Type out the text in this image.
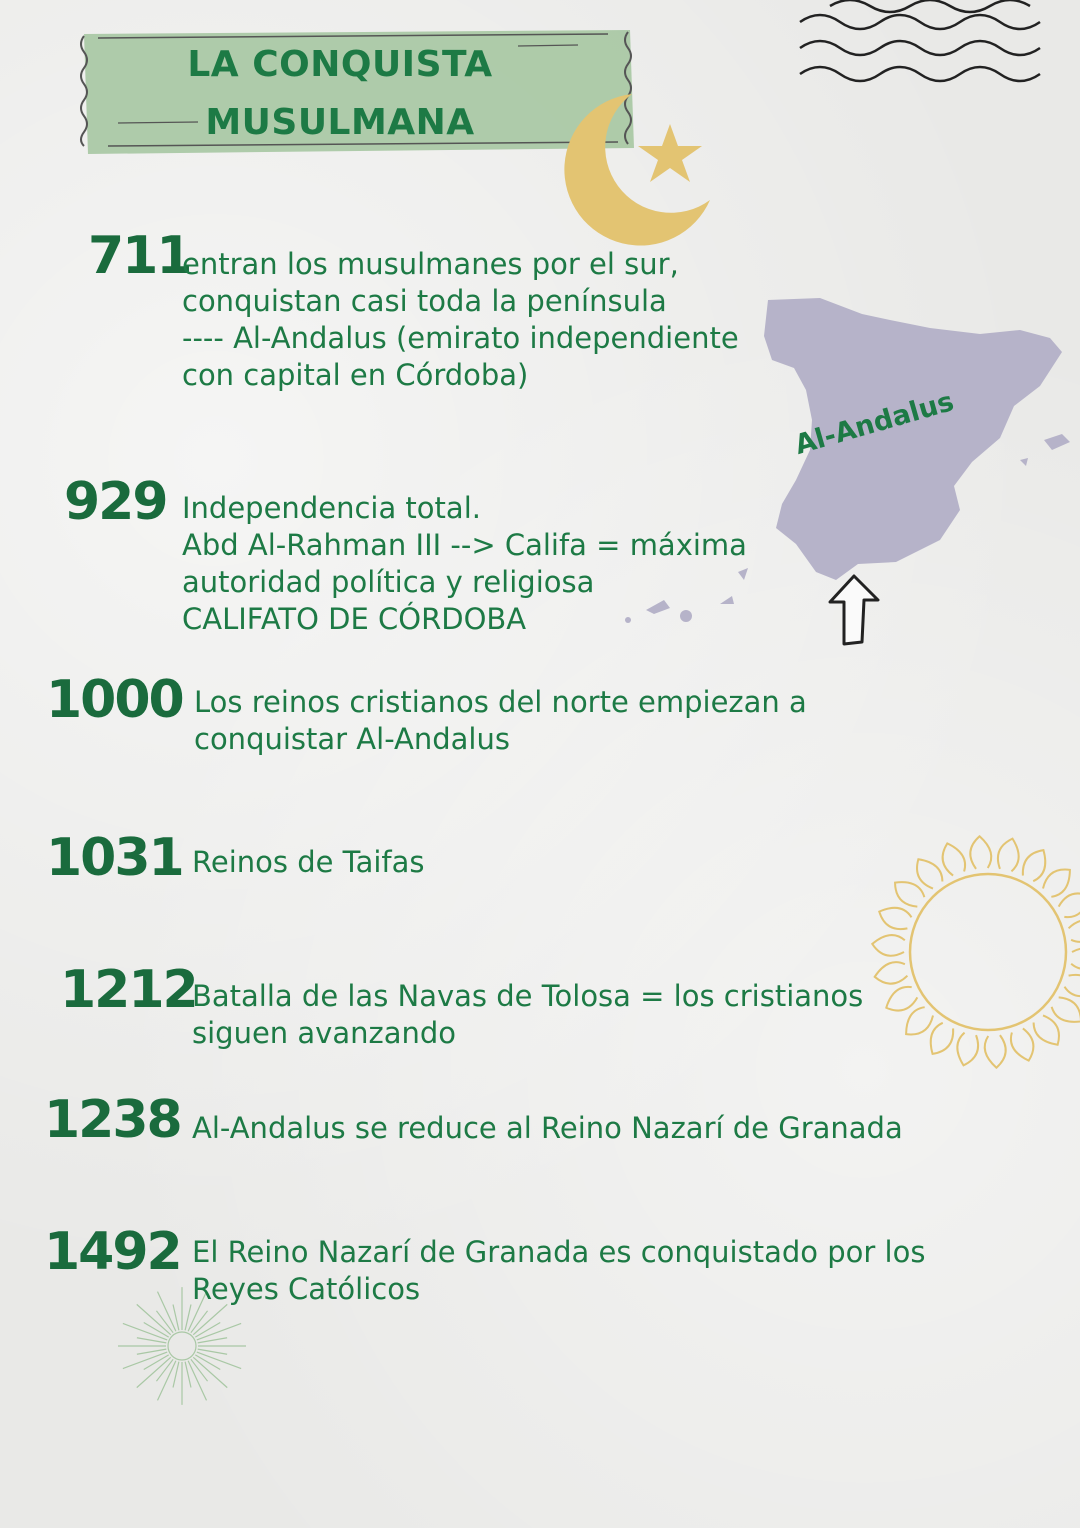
LA CONQUISTA
MUSULMANA
Al-Andalus
711
entran los musulmanes por el sur,
conquistan casi toda la península
---- Al-Andalus (emirato independiente
con capital en Córdoba)
929 Independencia total.
Abd Al-Rahman III --> Califa = máxima
autoridad política y religiosa
CALIFATO DE CÓRDOBA
1000 Los reinos cristianos del norte empiezan a
conquistar Al-Andalus
1031 Reinos de Taifas
1212
Batalla de las Navas de Tolosa = los cristianos
siguen avanzando
1238 Al-Andalus se reduce al Reino Nazarí de Granada
1492 El Reino Nazarí de Granada es conquistado por los
Reyes Católicos
